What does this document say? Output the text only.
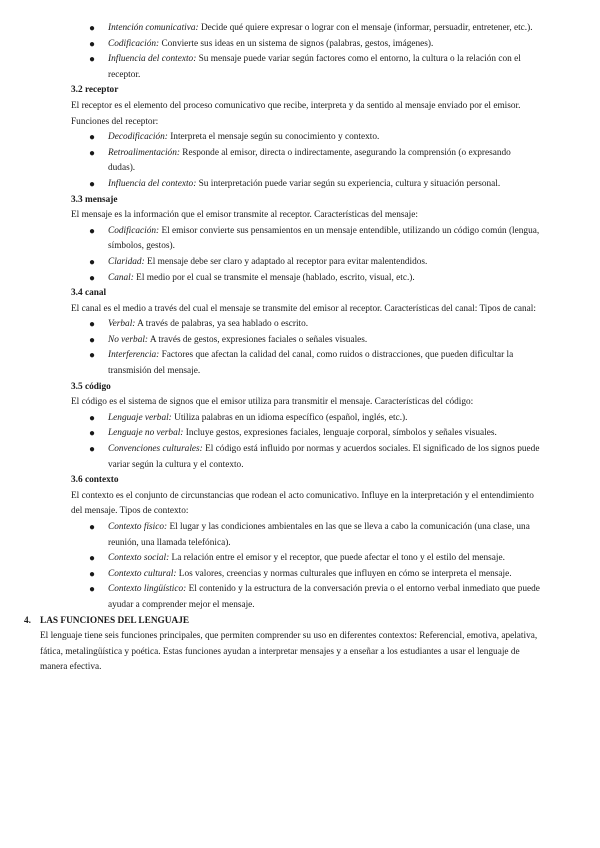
● Intención comunicativa: Decide qué quiere expresar o lograr con el mensaje (informar, persuadir, entretener, etc.).
● Codificación: Convierte sus ideas en un sistema de signos (palabras, gestos, imágenes).
● Influencia del contexto: Su mensaje puede variar según factores como el entorno, la cultura o la relación con el receptor.
3.2 receptor
El receptor es el elemento del proceso comunicativo que recibe, interpreta y da sentido al mensaje enviado por el emisor. Funciones del receptor:
● Decodificación: Interpreta el mensaje según su conocimiento y contexto.
● Retroalimentación: Responde al emisor, directa o indirectamente, asegurando la comprensión (o expresando dudas).
● Influencia del contexto: Su interpretación puede variar según su experiencia, cultura y situación personal.
3.3 mensaje
El mensaje es la información que el emisor transmite al receptor. Características del mensaje:
● Codificación: El emisor convierte sus pensamientos en un mensaje entendible, utilizando un código común (lengua, símbolos, gestos).
● Claridad: El mensaje debe ser claro y adaptado al receptor para evitar malentendidos.
● Canal: El medio por el cual se transmite el mensaje (hablado, escrito, visual, etc.).
3.4 canal
El canal es el medio a través del cual el mensaje se transmite del emisor al receptor. Características del canal: Tipos de canal:
● Verbal: A través de palabras, ya sea hablado o escrito.
● No verbal: A través de gestos, expresiones faciales o señales visuales.
● Interferencia: Factores que afectan la calidad del canal, como ruidos o distracciones, que pueden dificultar la transmisión del mensaje.
3.5 código
El código es el sistema de signos que el emisor utiliza para transmitir el mensaje. Características del código:
● Lenguaje verbal: Utiliza palabras en un idioma específico (español, inglés, etc.).
● Lenguaje no verbal: Incluye gestos, expresiones faciales, lenguaje corporal, símbolos y señales visuales.
● Convenciones culturales: El código está influido por normas y acuerdos sociales. El significado de los signos puede variar según la cultura y el contexto.
3.6 contexto
El contexto es el conjunto de circunstancias que rodean el acto comunicativo. Influye en la interpretación y el entendimiento del mensaje. Tipos de contexto:
● Contexto físico: El lugar y las condiciones ambientales en las que se lleva a cabo la comunicación (una clase, una reunión, una llamada telefónica).
● Contexto social: La relación entre el emisor y el receptor, que puede afectar el tono y el estilo del mensaje.
● Contexto cultural: Los valores, creencias y normas culturales que influyen en cómo se interpreta el mensaje.
● Contexto lingüístico: El contenido y la estructura de la conversación previa o el entorno verbal inmediato que puede ayudar a comprender mejor el mensaje.
4. LAS FUNCIONES DEL LENGUAJE
El lenguaje tiene seis funciones principales, que permiten comprender su uso en diferentes contextos: Referencial, emotiva, apelativa, fática, metalingüística y poética. Estas funciones ayudan a interpretar mensajes y a enseñar a los estudiantes a usar el lenguaje de manera efectiva.
